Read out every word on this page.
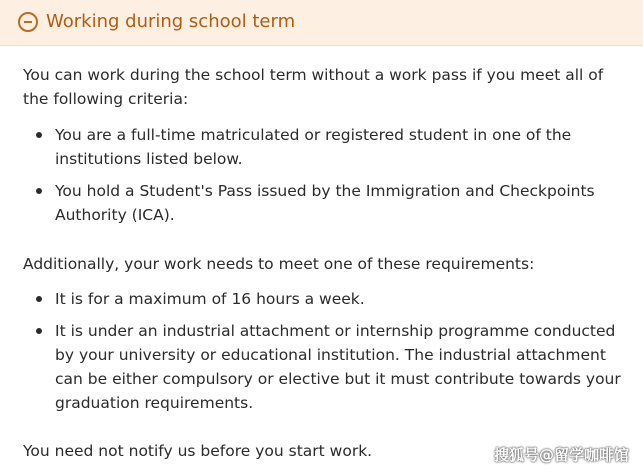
Working during school term

You can work during the school term without a work pass if you meet all of the following criteria:

You are a full-time matriculated or registered student in one of the institutions listed below.
You hold a Student's Pass issued by the Immigration and Checkpoints Authority (ICA).

Additionally, your work needs to meet one of these requirements:

It is for a maximum of 16 hours a week.
It is under an industrial attachment or internship programme conducted by your university or educational institution. The industrial attachment can be either compulsory or elective but it must contribute towards your graduation requirements.

You need not notify us before you start work.	搜狐号@留学咖啡馆
